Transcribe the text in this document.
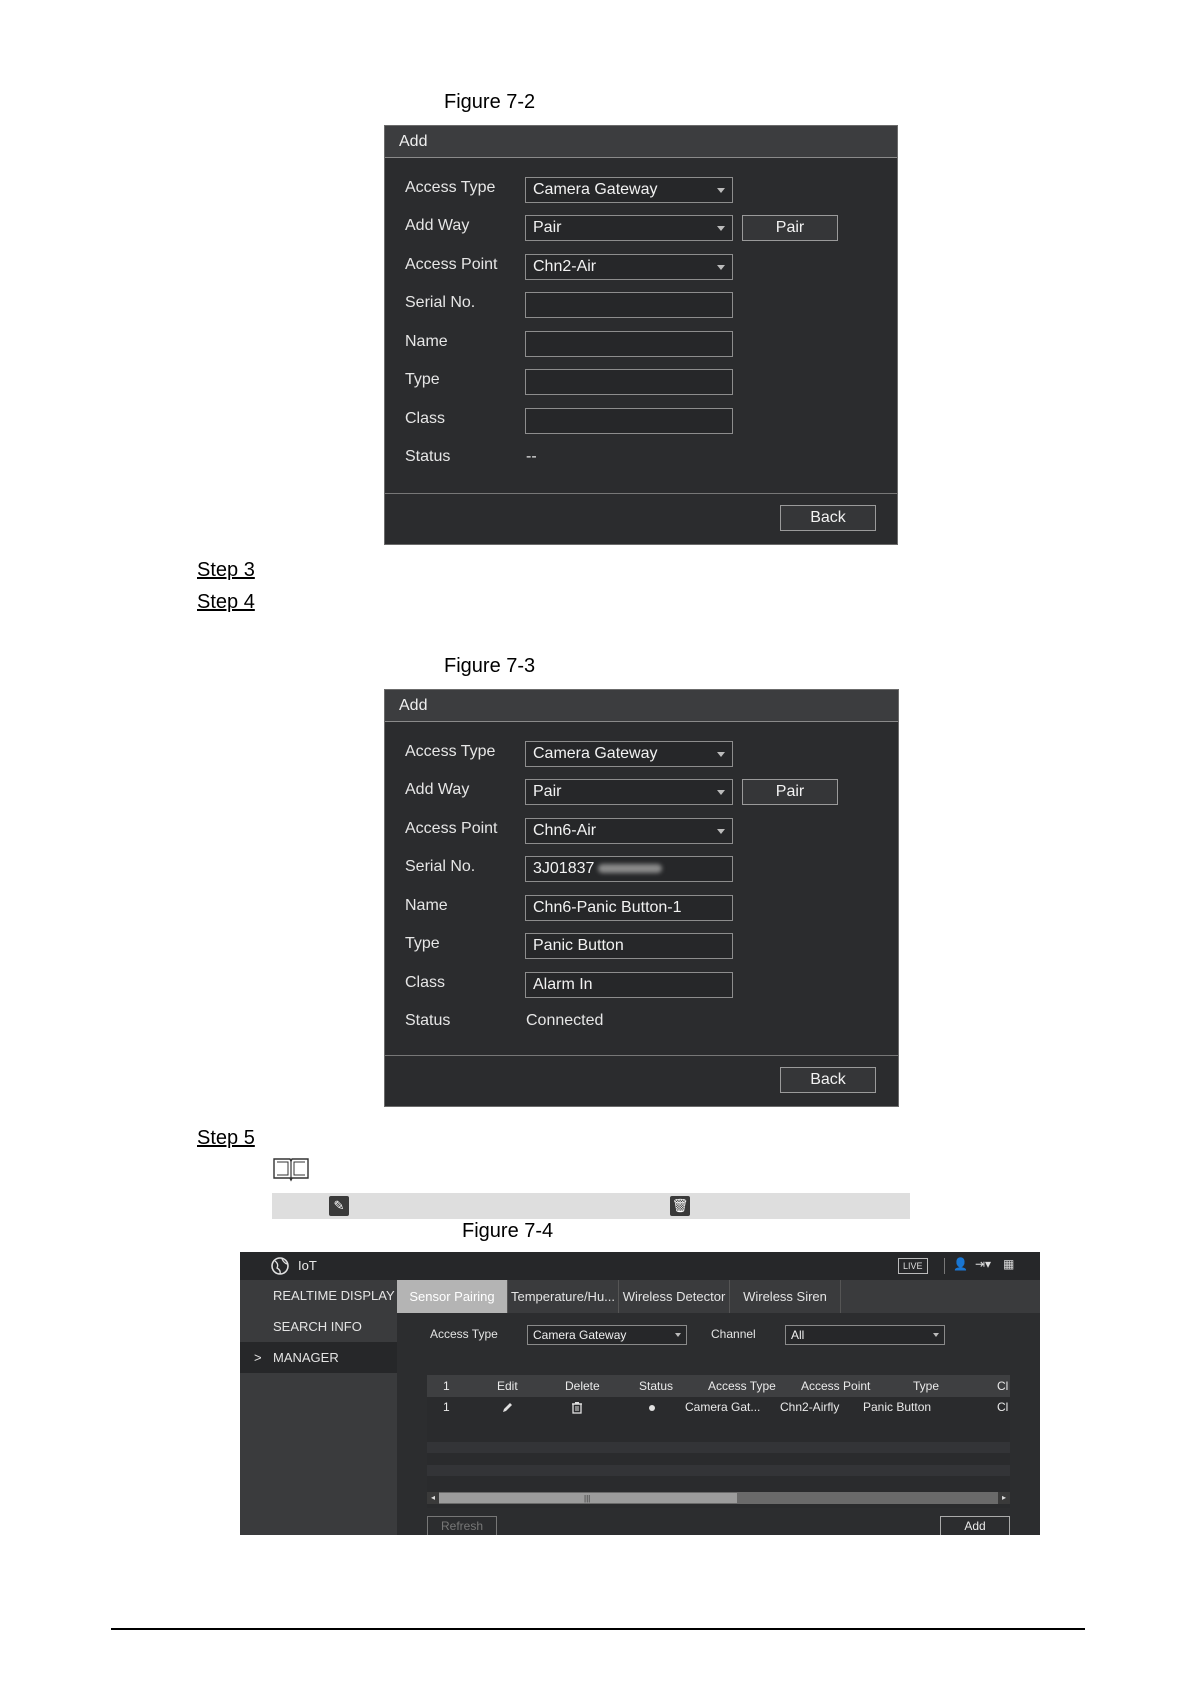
Figure 7-2
Add
Access Type	Camera Gateway
Add Way	Pair	Pair
Access Point	Chn2-Air
Serial No.
Name
Type
Class
Status	--
Back
Step 3
Step 4
Figure 7-3
Add
Access Type	Camera Gateway
Add Way	Pair	Pair
Access Point	Chn6-Air
Serial No.	3J01837
Name	Chn6-Panic Button-1
Type	Panic Button
Class	Alarm In
Status	Connected
Back
Step 5
✎	🗑
Figure 7-4
IoT	LIVE	👤 ⇥▾ ▦
REALTIME DISPLAY
SEARCH INFO
> MANAGER
Sensor Pairing	Temperature/Hu... Wireless Detector	Wireless Siren
Access Type	Camera Gateway	Channel	All
1	Edit	Delete	Status	Access Type Access Point	Type	Cl
1	Camera Gat... Chn2-Airfly Panic Button	Cl
◂	|||	▸
Refresh	Add
